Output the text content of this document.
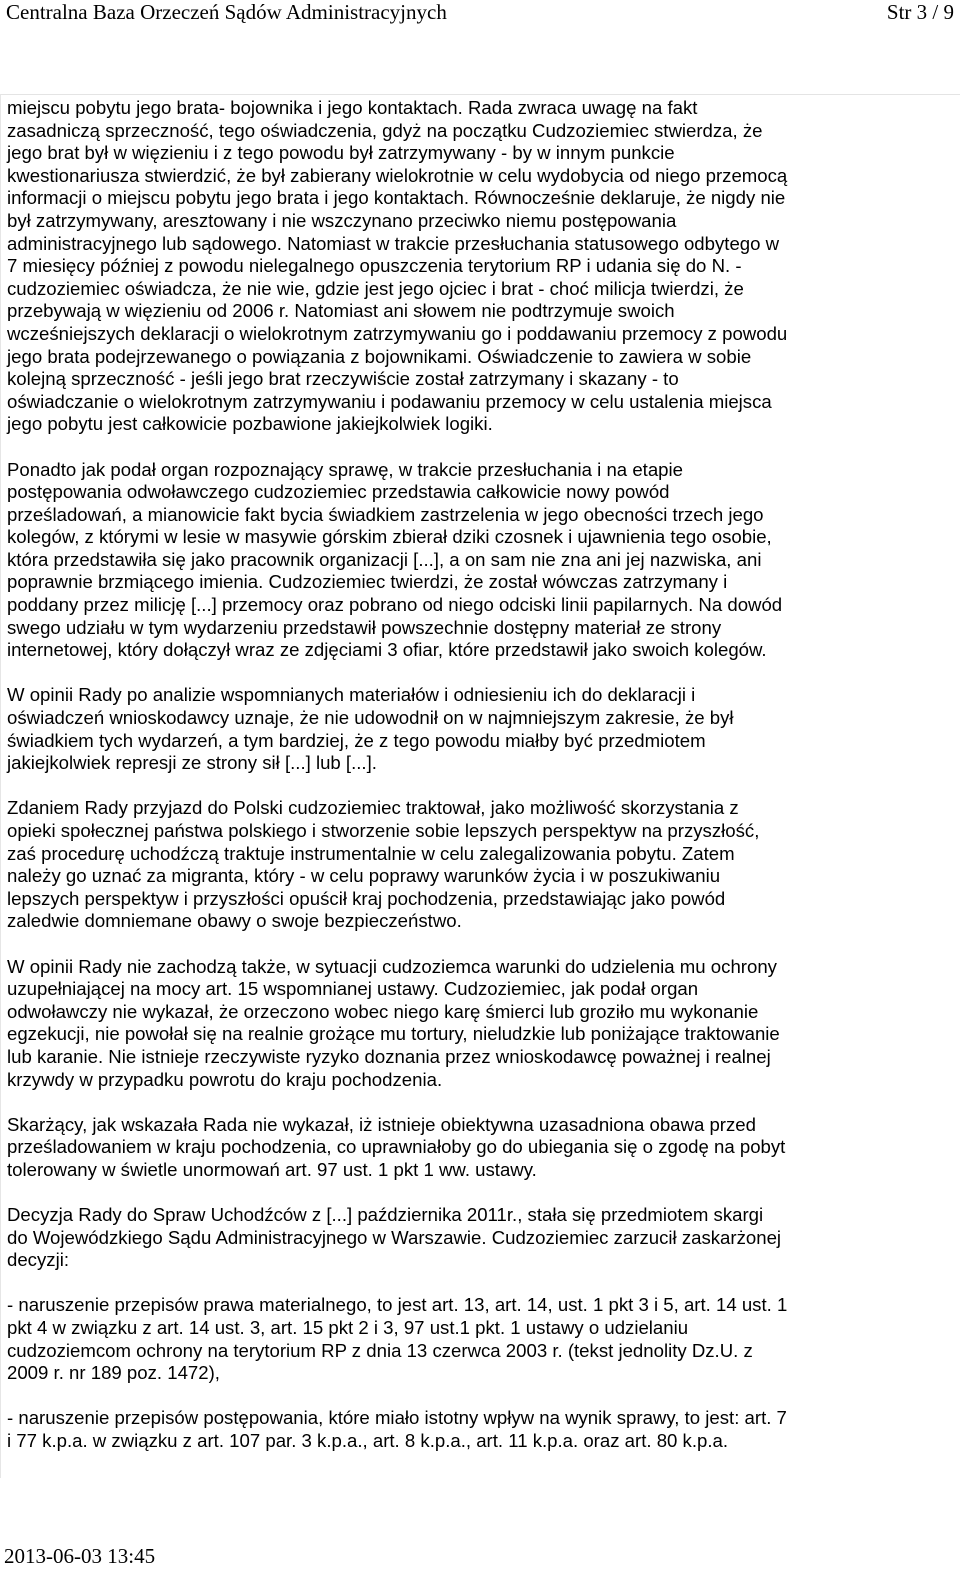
Centralna Baza Orzeczeń Sądów Administracyjnych	Str 3 / 9

miejscu pobytu jego brata- bojownika i jego kontaktach. Rada zwraca uwagę na fakt
zasadniczą sprzeczność, tego oświadczenia, gdyż na początku Cudzoziemiec stwierdza, że
jego brat był w więzieniu i z tego powodu był zatrzymywany - by w innym punkcie
kwestionariusza stwierdzić, że był zabierany wielokrotnie w celu wydobycia od niego przemocą
informacji o miejscu pobytu jego brata i jego kontaktach. Równocześnie deklaruje, że nigdy nie
był zatrzymywany, aresztowany i nie wszczynano przeciwko niemu postępowania
administracyjnego lub sądowego. Natomiast w trakcie przesłuchania statusowego odbytego w
7 miesięcy później z powodu nielegalnego opuszczenia terytorium RP i udania się do N. -
cudzoziemiec oświadcza, że nie wie, gdzie jest jego ojciec i brat - choć milicja twierdzi, że
przebywają w więzieniu od 2006 r. Natomiast ani słowem nie podtrzymuje swoich
wcześniejszych deklaracji o wielokrotnym zatrzymywaniu go i poddawaniu przemocy z powodu
jego brata podejrzewanego o powiązania z bojownikami. Oświadczenie to zawiera w sobie
kolejną sprzeczność - jeśli jego brat rzeczywiście został zatrzymany i skazany - to
oświadczanie o wielokrotnym zatrzymywaniu i podawaniu przemocy w celu ustalenia miejsca
jego pobytu jest całkowicie pozbawione jakiejkolwiek logiki.

Ponadto jak podał organ rozpoznający sprawę, w trakcie przesłuchania i na etapie
postępowania odwoławczego cudzoziemiec przedstawia całkowicie nowy powód
prześladowań, a mianowicie fakt bycia świadkiem zastrzelenia w jego obecności trzech jego
kolegów, z którymi w lesie w masywie górskim zbierał dziki czosnek i ujawnienia tego osobie,
która przedstawiła się jako pracownik organizacji [...], a on sam nie zna ani jej nazwiska, ani
poprawnie brzmiącego imienia. Cudzoziemiec twierdzi, że został wówczas zatrzymany i
poddany przez milicję [...] przemocy oraz pobrano od niego odciski linii papilarnych. Na dowód
swego udziału w tym wydarzeniu przedstawił powszechnie dostępny materiał ze strony
internetowej, który dołączył wraz ze zdjęciami 3 ofiar, które przedstawił jako swoich kolegów.

W opinii Rady po analizie wspomnianych materiałów i odniesieniu ich do deklaracji i
oświadczeń wnioskodawcy uznaje, że nie udowodnił on w najmniejszym zakresie, że był
świadkiem tych wydarzeń, a tym bardziej, że z tego powodu miałby być przedmiotem
jakiejkolwiek represji ze strony sił [...] lub [...].

Zdaniem Rady przyjazd do Polski cudzoziemiec traktował, jako możliwość skorzystania z
opieki społecznej państwa polskiego i stworzenie sobie lepszych perspektyw na przyszłość,
zaś procedurę uchodźczą traktuje instrumentalnie w celu zalegalizowania pobytu. Zatem
należy go uznać za migranta, który - w celu poprawy warunków życia i w poszukiwaniu
lepszych perspektyw i przyszłości opuścił kraj pochodzenia, przedstawiając jako powód
zaledwie domniemane obawy o swoje bezpieczeństwo.

W opinii Rady nie zachodzą także, w sytuacji cudzoziemca warunki do udzielenia mu ochrony
uzupełniającej na mocy art. 15 wspomnianej ustawy. Cudzoziemiec, jak podał organ
odwoławczy nie wykazał, że orzeczono wobec niego karę śmierci lub groziło mu wykonanie
egzekucji, nie powołał się na realnie grożące mu tortury, nieludzkie lub poniżające traktowanie
lub karanie. Nie istnieje rzeczywiste ryzyko doznania przez wnioskodawcę poważnej i realnej
krzywdy w przypadku powrotu do kraju pochodzenia.

Skarżący, jak wskazała Rada nie wykazał, iż istnieje obiektywna uzasadniona obawa przed
prześladowaniem w kraju pochodzenia, co uprawniałoby go do ubiegania się o zgodę na pobyt
tolerowany w świetle unormowań art. 97 ust. 1 pkt 1 ww. ustawy.

Decyzja Rady do Spraw Uchodźców z [...] października 2011r., stała się przedmiotem skargi
do Wojewódzkiego Sądu Administracyjnego w Warszawie. Cudzoziemiec zarzucił zaskarżonej
decyzji:

- naruszenie przepisów prawa materialnego, to jest art. 13, art. 14, ust. 1 pkt 3 i 5, art. 14 ust. 1
pkt 4 w związku z art. 14 ust. 3, art. 15 pkt 2 i 3, 97 ust.1 pkt. 1 ustawy o udzielaniu
cudzoziemcom ochrony na terytorium RP z dnia 13 czerwca 2003 r. (tekst jednolity Dz.U. z
2009 r. nr 189 poz. 1472),

- naruszenie przepisów postępowania, które miało istotny wpływ na wynik sprawy, to jest: art. 7
i 77 k.p.a. w związku z art. 107 par. 3 k.p.a., art. 8 k.p.a., art. 11 k.p.a. oraz art. 80 k.p.a.

2013-06-03 13:45
